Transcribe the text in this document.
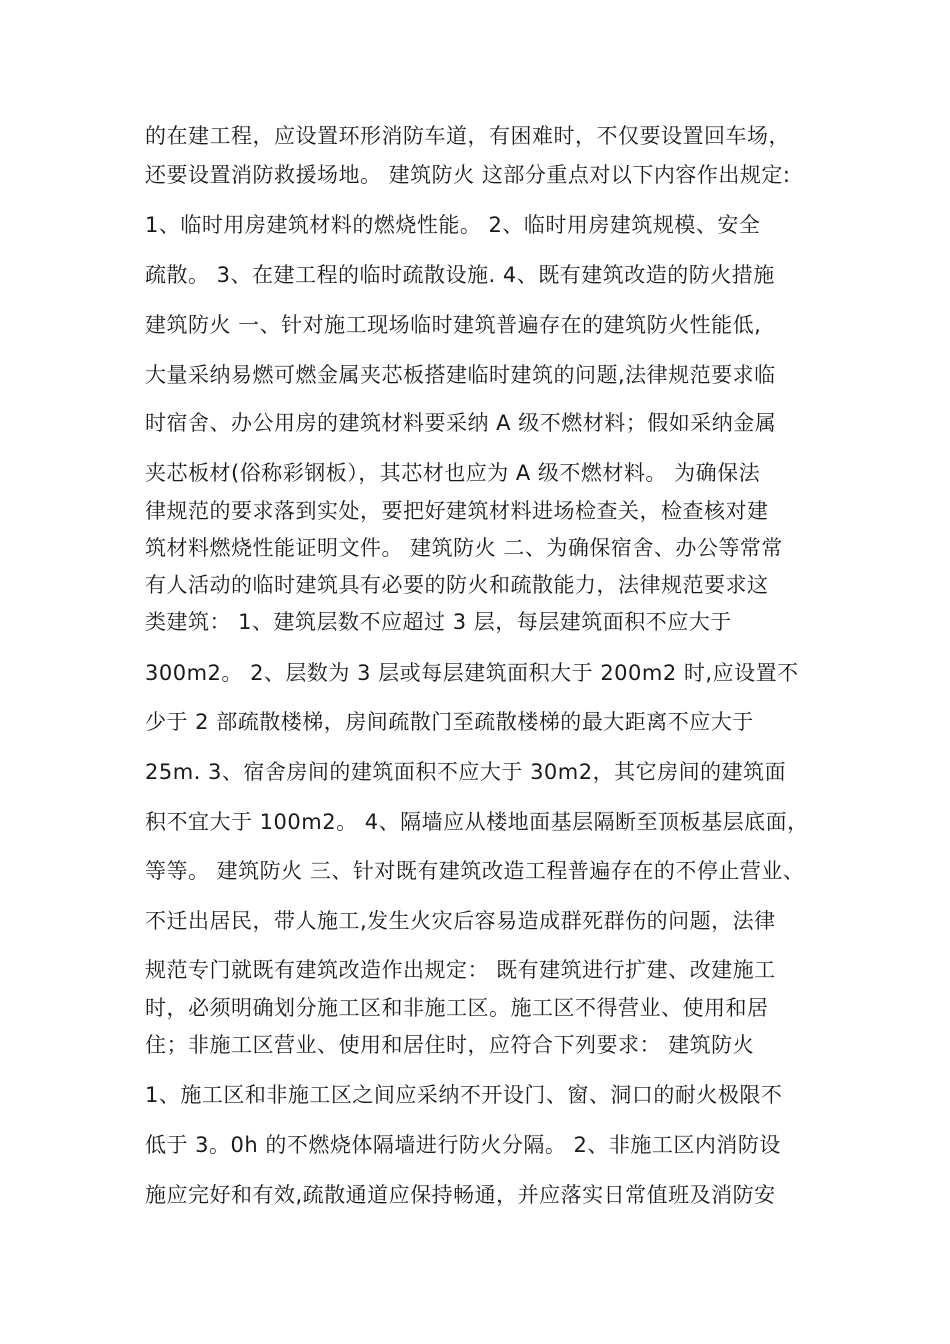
的在建工程，应设置环形消防车道，有困难时，不仅要设置回车场，
还要设置消防救援场地。 建筑防火 这部分重点对以下内容作出规定:
1、临时用房建筑材料的燃烧性能。 2、临时用房建筑规模、安全
疏散。 3、在建工程的临时疏散设施. 4、既有建筑改造的防火措施
建筑防火 一、针对施工现场临时建筑普遍存在的建筑防火性能低,
大量采纳易燃可燃金属夹芯板搭建临时建筑的问题,法律规范要求临
时宿舍、办公用房的建筑材料要采纳 A 级不燃材料；假如采纳金属
夹芯板材(俗称彩钢板），其芯材也应为 A 级不燃材料。 为确保法
律规范的要求落到实处，要把好建筑材料进场检查关，检查核对建
筑材料燃烧性能证明文件。 建筑防火 二、为确保宿舍、办公等常常
有人活动的临时建筑具有必要的防火和疏散能力，法律规范要求这
类建筑： 1、建筑层数不应超过 3 层，每层建筑面积不应大于
300m2。 2、层数为 3 层或每层建筑面积大于 200m2 时,应设置不
少于 2 部疏散楼梯，房间疏散门至疏散楼梯的最大距离不应大于
25m. 3、宿舍房间的建筑面积不应大于 30m2，其它房间的建筑面
积不宜大于 100m2。 4、隔墙应从楼地面基层隔断至顶板基层底面，
等等。 建筑防火 三、针对既有建筑改造工程普遍存在的不停止营业、
不迁出居民，带人施工,发生火灾后容易造成群死群伤的问题，法律
规范专门就既有建筑改造作出规定： 既有建筑进行扩建、改建施工
时，必须明确划分施工区和非施工区。施工区不得营业、使用和居
住；非施工区营业、使用和居住时，应符合下列要求： 建筑防火
1、施工区和非施工区之间应采纳不开设门、窗、洞口的耐火极限不
低于 3。0h 的不燃烧体隔墙进行防火分隔。 2、非施工区内消防设
施应完好和有效,疏散通道应保持畅通，并应落实日常值班及消防安
